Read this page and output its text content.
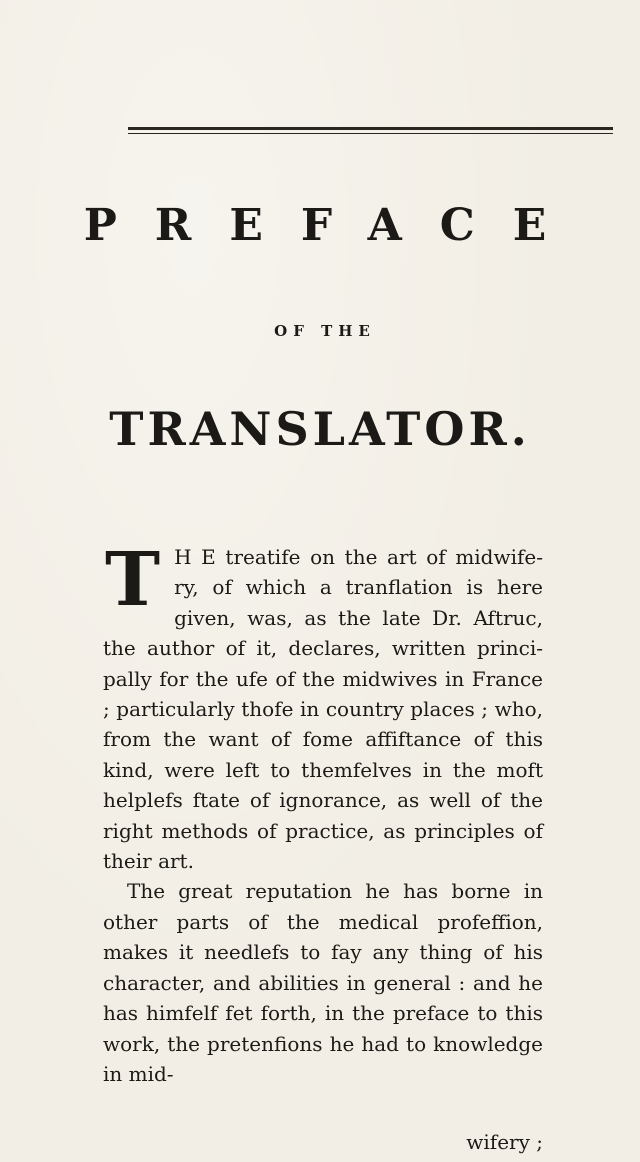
PREFACE
OF THE
TRANSLATOR.

T H E treatife on the art of midwife-ry, of which a tranflation is here given, was, as the late Dr. Aftruc, the author of it, declares, written princi-pally for the ufe of the midwives in France ; particularly thofe in country places ; who, from the want of fome affiftance of this kind, were left to themfelves in the moft helplefs ftate of ignorance, as well of the right methods of practice, as principles of their art.

The great reputation he has borne in other parts of the medical profeffion, makes it needlefs to fay any thing of his character, and abilities in general : and he has himfelf fet forth, in the preface to this work, the pretenfions he had to knowledge in mid-

wifery ;
